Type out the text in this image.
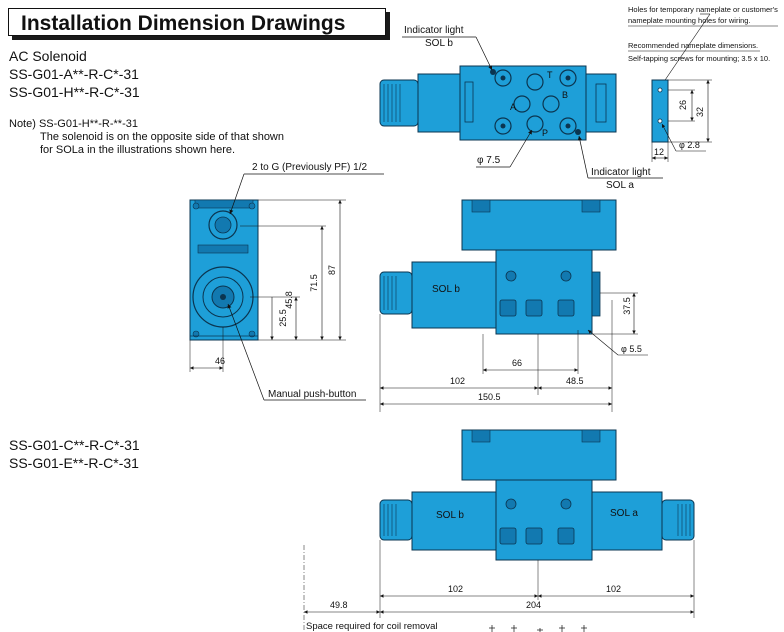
Installation Dimension Drawings
AC Solenoid
SS-G01-A**-R-C*-31
SS-G01-H**-R-C*-31
Note) SS-G01-H**-R-**-31
The solenoid is on the opposite side of that shown
for SOLa in the illustrations shown here.
SS-G01-C**-R-C*-31
SS-G01-E**-R-C*-31
T
A
B
P
Indicator light
SOL b
Indicator light
SOL a
φ 7.5
Holes for temporary nameplate or customer's
nameplate mounting holes for wiring.
Recommended nameplate dimensions.
Self-tapping screws for mounting; 3.5 x 10.
26
32
12
φ 2.8
2 to G (Previously PF) 1/2
87
71.5
45.8
25.5
46
Manual push-button
SOL b
37.5
φ 5.5
66
102	48.5
150.5
SOL b	SOL a
102	102
204
49.8
Space required for coil removal
